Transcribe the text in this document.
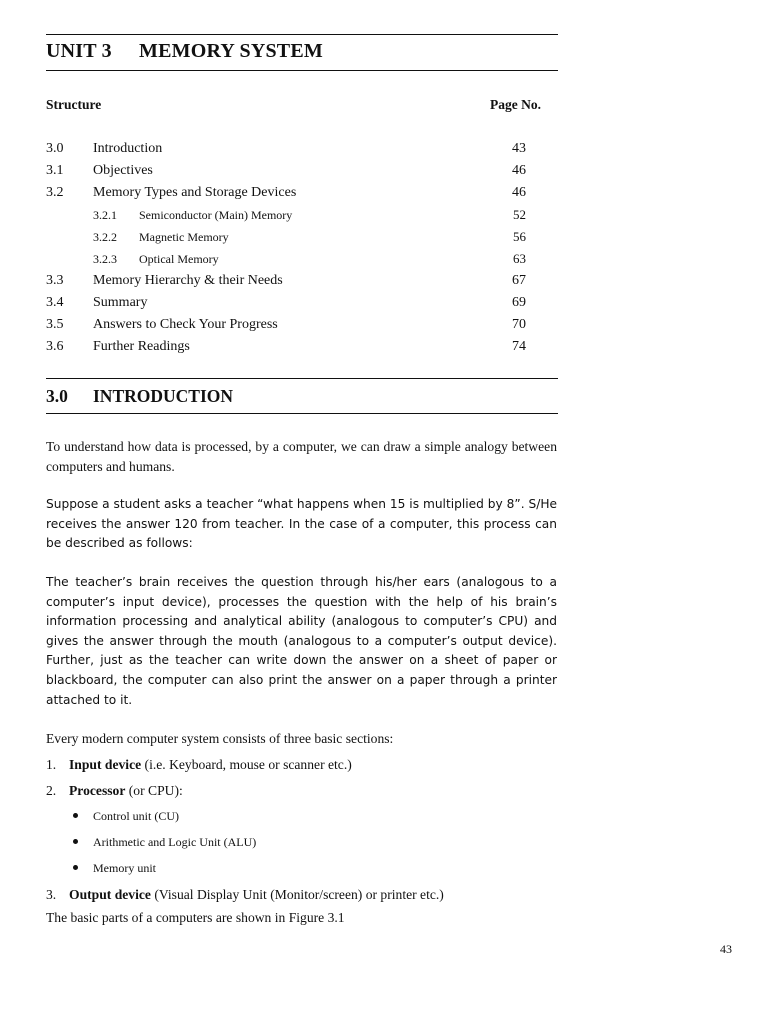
UNIT 3 MEMORY SYSTEM
Structure	Page No.
3.0 Introduction	43
3.1 Objectives	46
3.2 Memory Types and Storage Devices	46
3.2.1 Semiconductor (Main) Memory	52
3.2.2 Magnetic Memory	56
3.2.3 Optical Memory	63
3.3 Memory Hierarchy & their Needs	67
3.4 Summary	69
3.5 Answers to Check Your Progress	70
3.6 Further Readings	74
3.0 INTRODUCTION

To understand how data is processed, by a computer, we can draw a simple analogy between computers and humans.

Suppose a student asks a teacher “what happens when 15 is multiplied by 8”. S/He receives the answer 120 from teacher. In the case of a computer, this process can be described as follows:

The teacher’s brain receives the question through his/her ears (analogous to a computer’s input device), processes the question with the help of his brain’s information processing and analytical ability (analogous to computer’s CPU) and gives the answer through the mouth (analogous to a computer’s output device). Further, just as the teacher can write down the answer on a sheet of paper or blackboard, the computer can also print the answer on a paper through a printer attached to it.

Every modern computer system consists of three basic sections:

1. Input device (i.e. Keyboard, mouse or scanner etc.)
2. Processor (or CPU):
Control unit (CU)
Arithmetic and Logic Unit (ALU)
Memory unit
3. Output device (Visual Display Unit (Monitor/screen) or printer etc.)
The basic parts of a computers are shown in Figure 3.1
43
